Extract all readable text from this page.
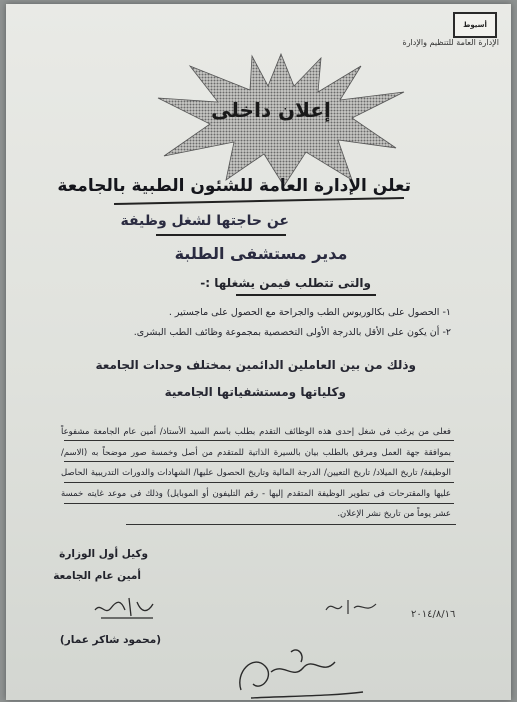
أسيوط
الإدارة العامة للتنظيم والإدارة
إعلان داخلى
تعلن الإدارة العامة للشئون الطبية بالجامعة
عن حاجتها لشغل وظيفة
مدير مستشفى الطلبة
والتى تتطلب فيمن يشغلها :-
١- الحصول على بكالوريوس الطب والجراحة مع الحصول على ماجستير .
٢- أن يكون على الأقل بالدرجة الأولى التخصصية بمجموعة وظائف الطب البشرى.
وذلك من بين العاملين الدائمين بمختلف وحدات الجامعة
وكلياتها ومستشفياتها الجامعية

فعلى من يرغب فى شغل إحدى هذه الوظائف التقدم بطلب باسم السيد الأستاذ/ أمين عام الجامعة مشفوعاً بموافقة جهة العمل ومرفق بالطلب بيان بالسيرة الذاتية للمتقدم من أصل وخمسة صور موضحاً به (الاسم/ الوظيفة/ تاريخ الميلاد/ تاريخ التعيين/ الدرجة المالية وتاريخ الحصول عليها/ الشهادات والدورات التدريبية الحاصل عليها والمقترحات فى تطوير الوظيفة المتقدم إليها - رقم التليفون أو الموبايل) وذلك فى موعد غايته خمسة عشر يوماً من تاريخ نشر الإعلان.

وكيل أول الوزارة
أمين عام الجامعة
(محمود شاكر عمار)
٢٠١٤/٨/١٦
